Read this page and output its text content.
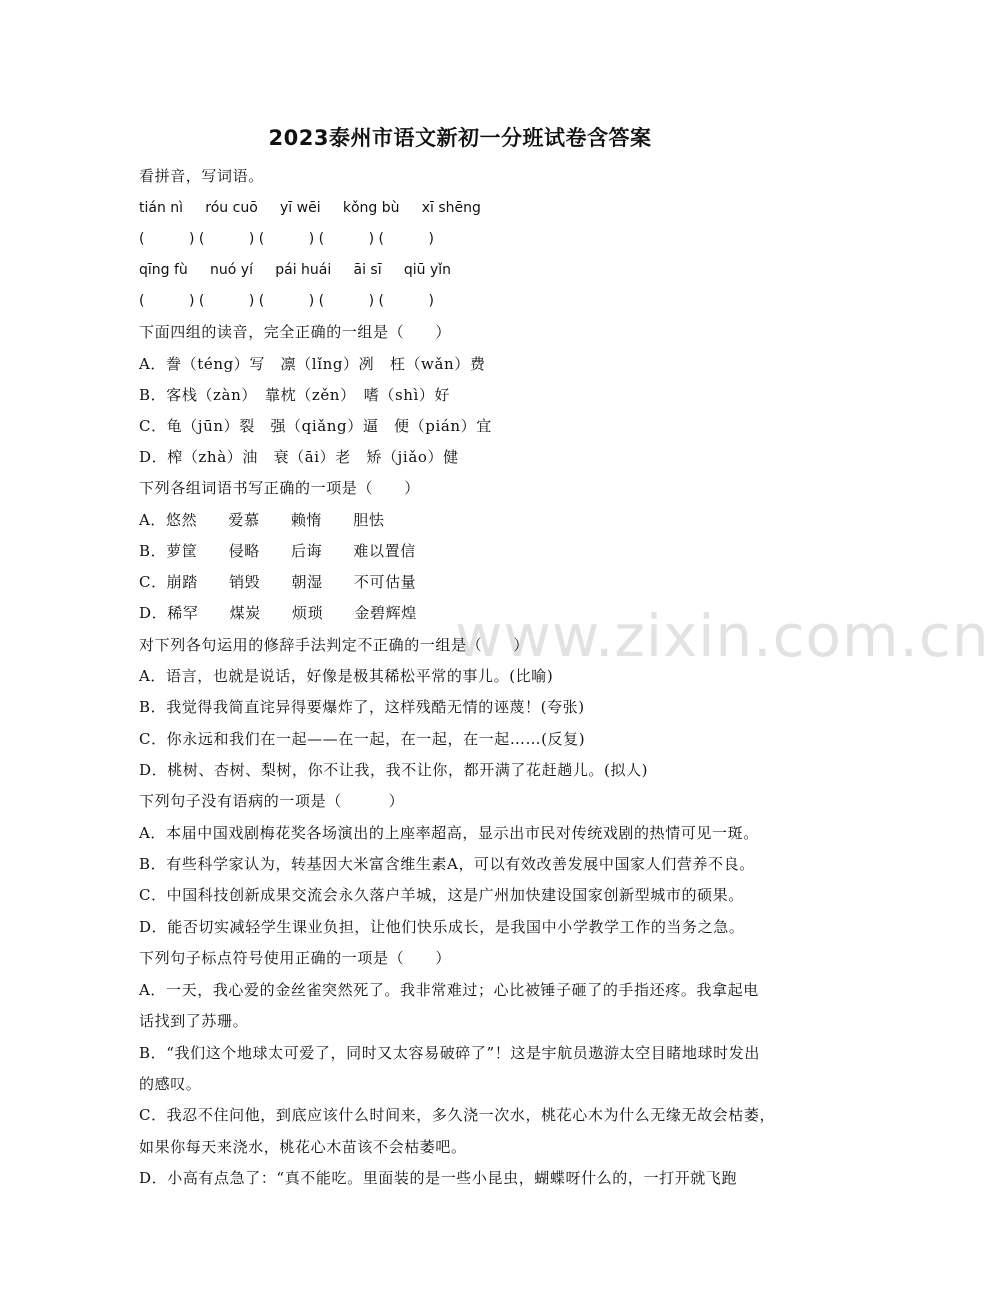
www.zixin.com.cn
2023泰州市语文新初一分班试卷含答案
看拼音，写词语。
tián nì     róu cuō     yī wēi     kǒng bù     xī shēng
(          ) (          ) (          ) (          ) (          )
qīng fù     nuó yí     pái huái     āi sī     qiū yǐn
(          ) (          ) (          ) (          ) (          )
下面四组的读音，完全正确的一组是（　　）
A．誊（téng）写　凛（lǐng）冽　枉（wǎn）费
B．客栈（zàn）　靠枕（zěn）　嗜（shì）好
C．龟（jūn）裂　强（qiǎng）逼　便（pián）宜
D．榨（zhà）油　衰（āi）老　矫（jiǎo）健
下列各组词语书写正确的一项是（　　）
A．悠然　　爱慕　　赖惰　　胆怯
B．萝筐　　侵略　　后诲　　难以置信
C．崩踏　　销毁　　朝湿　　不可估量
D．稀罕　　煤炭　　烦琐　　金碧辉煌
对下列各句运用的修辞手法判定不正确的一组是（　　）
A．语言，也就是说话，好像是极其稀松平常的事儿。(比喻)
B．我觉得我简直诧异得要爆炸了，这样残酷无情的诬蔑！(夸张)
C．你永远和我们在一起——在一起，在一起，在一起……(反复)
D．桃树、杏树、梨树，你不让我，我不让你，都开满了花赶趟儿。(拟人)
下列句子没有语病的一项是（　　　）
A．本届中国戏剧梅花奖各场演出的上座率超高，显示出市民对传统戏剧的热情可见一斑。
B．有些科学家认为，转基因大米富含维生素A，可以有效改善发展中国家人们营养不良。
C．中国科技创新成果交流会永久落户羊城，这是广州加快建设国家创新型城市的硕果。
D．能否切实减轻学生课业负担，让他们快乐成长，是我国中小学教学工作的当务之急。
下列句子标点符号使用正确的一项是（　　）
A．一天，我心爱的金丝雀突然死了。我非常难过；心比被锤子砸了的手指还疼。我拿起电
话找到了苏珊。
B．“我们这个地球太可爱了，同时又太容易破碎了”！这是宇航员遨游太空目睹地球时发出
的感叹。
C．我忍不住问他，到底应该什么时间来，多久浇一次水，桃花心木为什么无缘无故会枯萎，
如果你每天来浇水，桃花心木苗该不会枯萎吧。
D．小高有点急了：“真不能吃。里面装的是一些小昆虫，蝴蝶呀什么的，一打开就飞跑
